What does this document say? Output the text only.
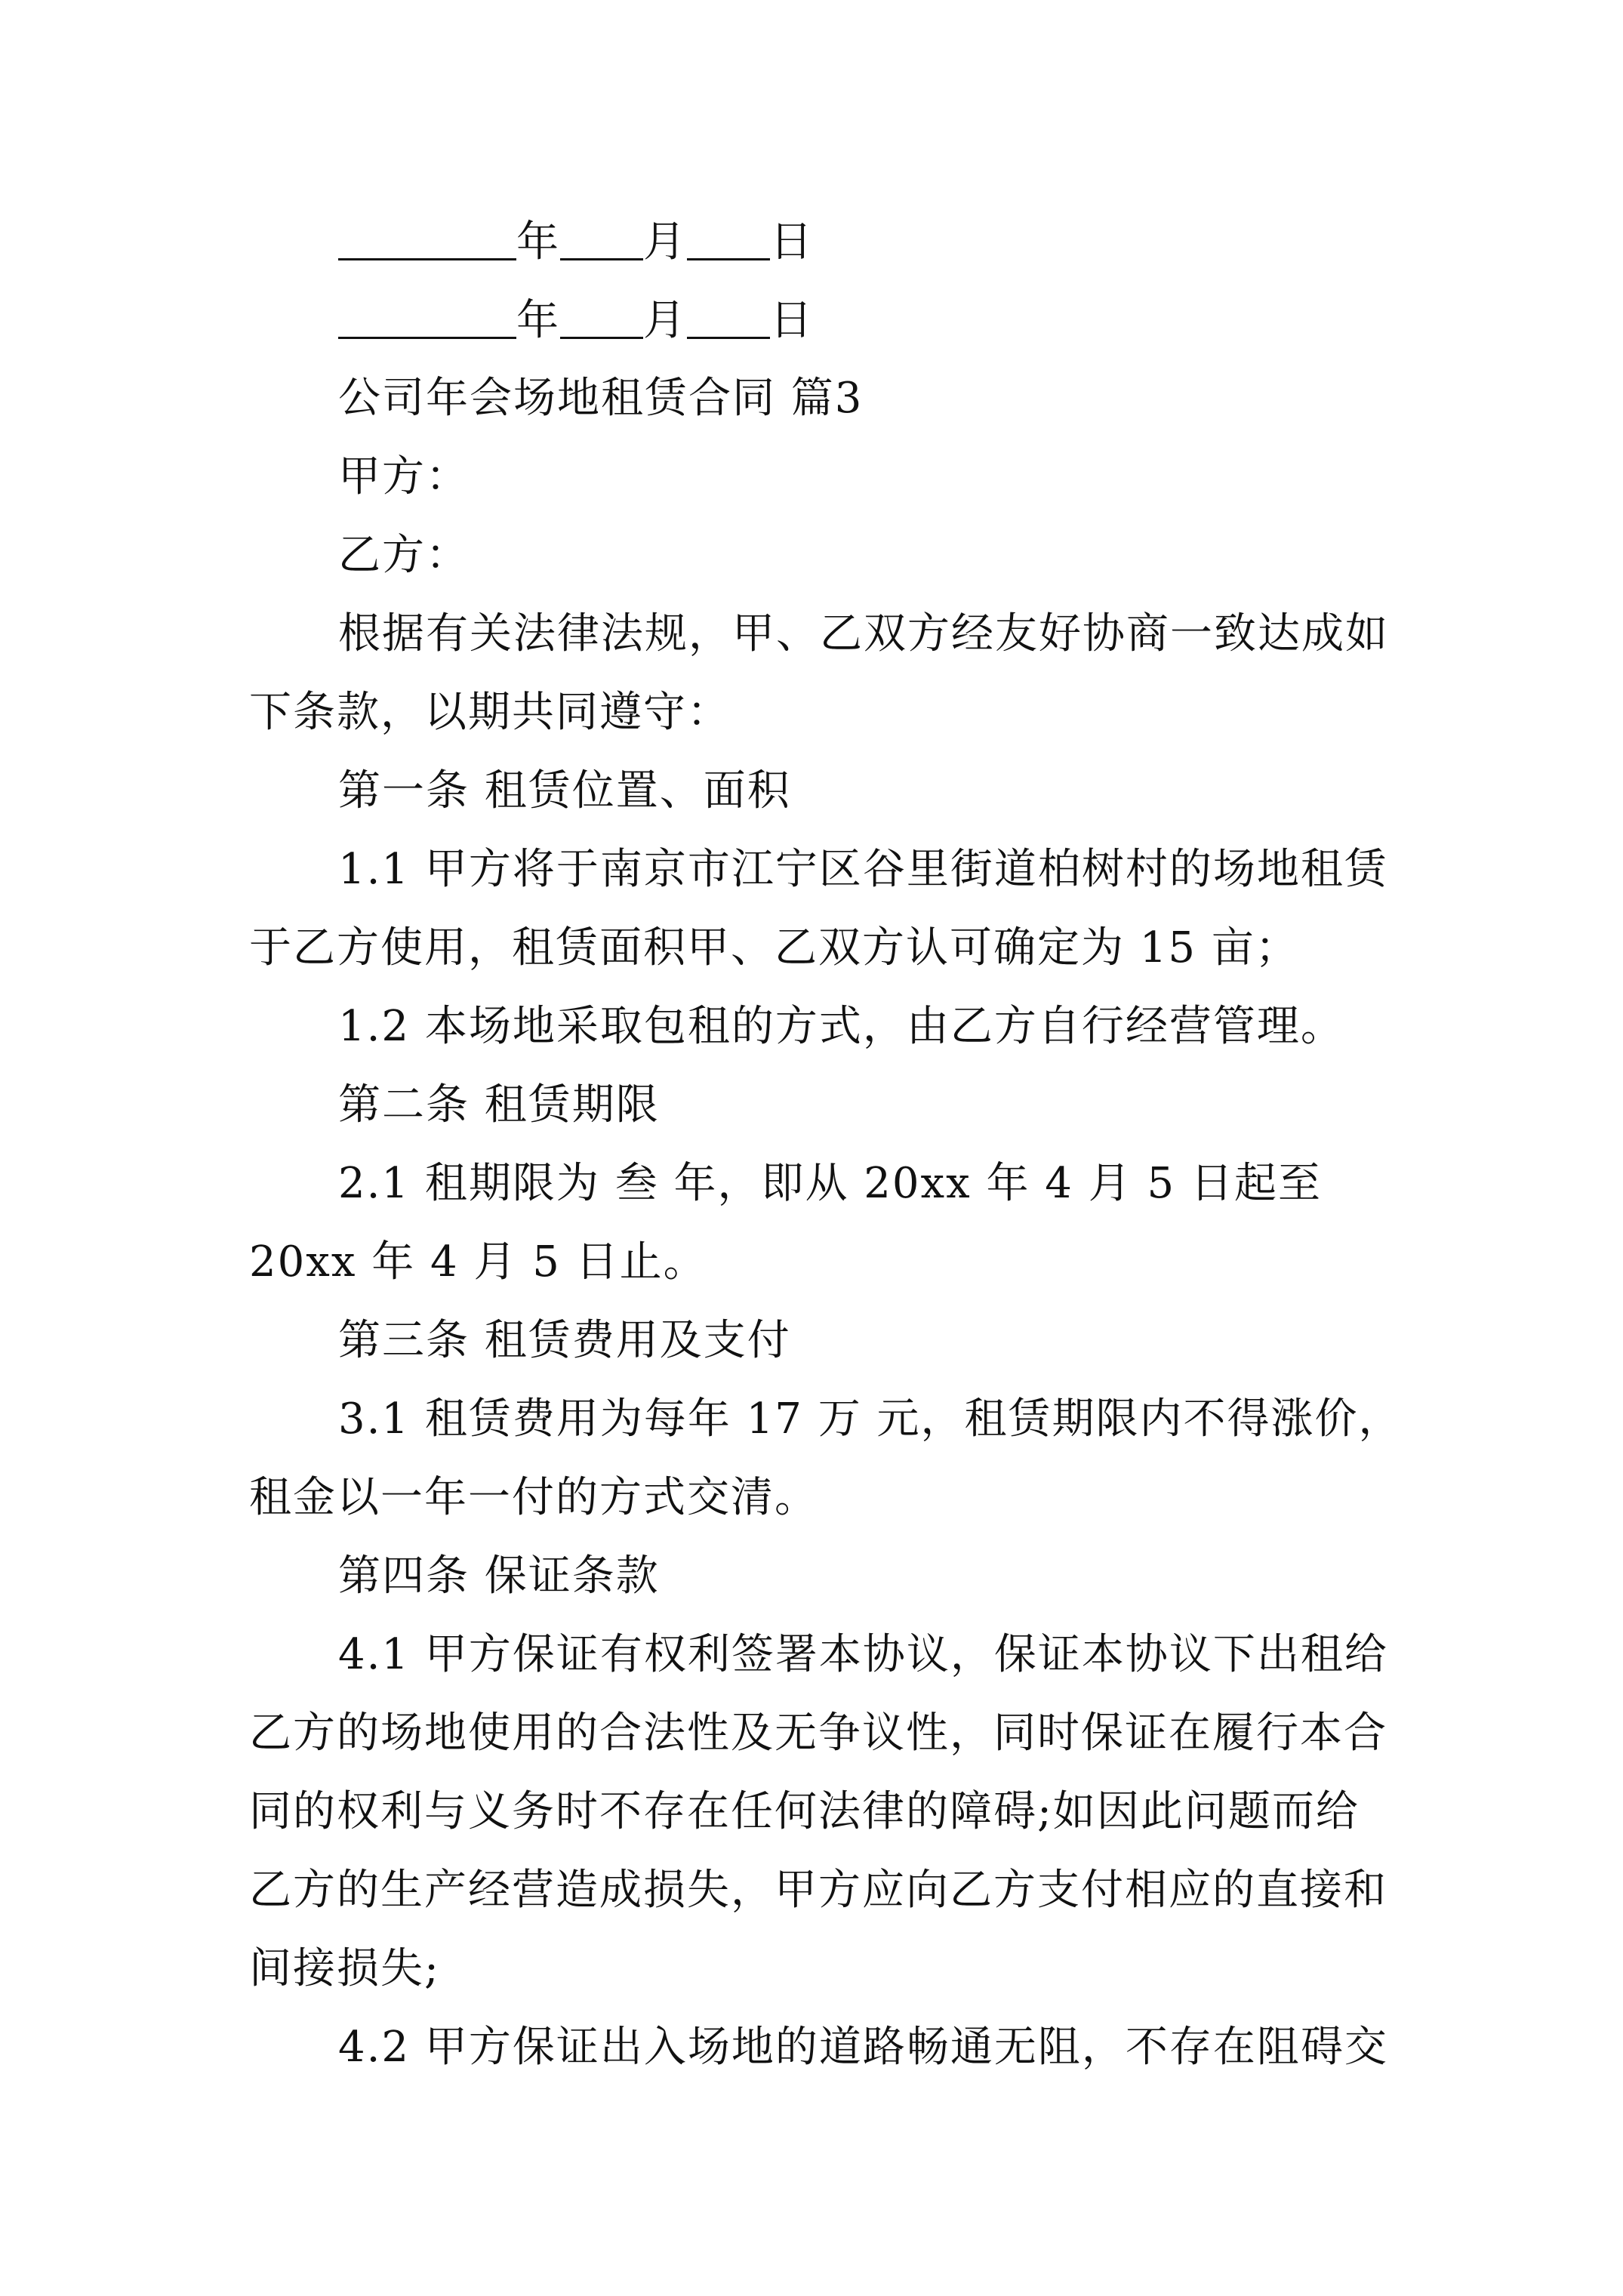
年 月 日
年 月 日
公司年会场地租赁合同 篇3
甲方：
乙方：
根据有关法律法规，甲、乙双方经友好协商一致达成如
下条款，以期共同遵守：
第一条 租赁位置、面积
1.1 甲方将于南京市江宁区谷里街道柏树村的场地租赁
于乙方使用，租赁面积甲、乙双方认可确定为 15 亩；
1.2 本场地采取包租的方式，由乙方自行经营管理。
第二条 租赁期限
2.1 租期限为 叁 年，即从 20xx 年 4 月 5 日起至
20xx 年 4 月 5 日止。
第三条 租赁费用及支付
3.1 租赁费用为每年 17 万 元，租赁期限内不得涨价，
租金以一年一付的方式交清。
第四条 保证条款
4.1 甲方保证有权利签署本协议，保证本协议下出租给
乙方的场地使用的合法性及无争议性，同时保证在履行本合
同的权利与义务时不存在任何法律的障碍;如因此问题而给
乙方的生产经营造成损失，甲方应向乙方支付相应的直接和
间接损失;
4.2 甲方保证出入场地的道路畅通无阻，不存在阻碍交
